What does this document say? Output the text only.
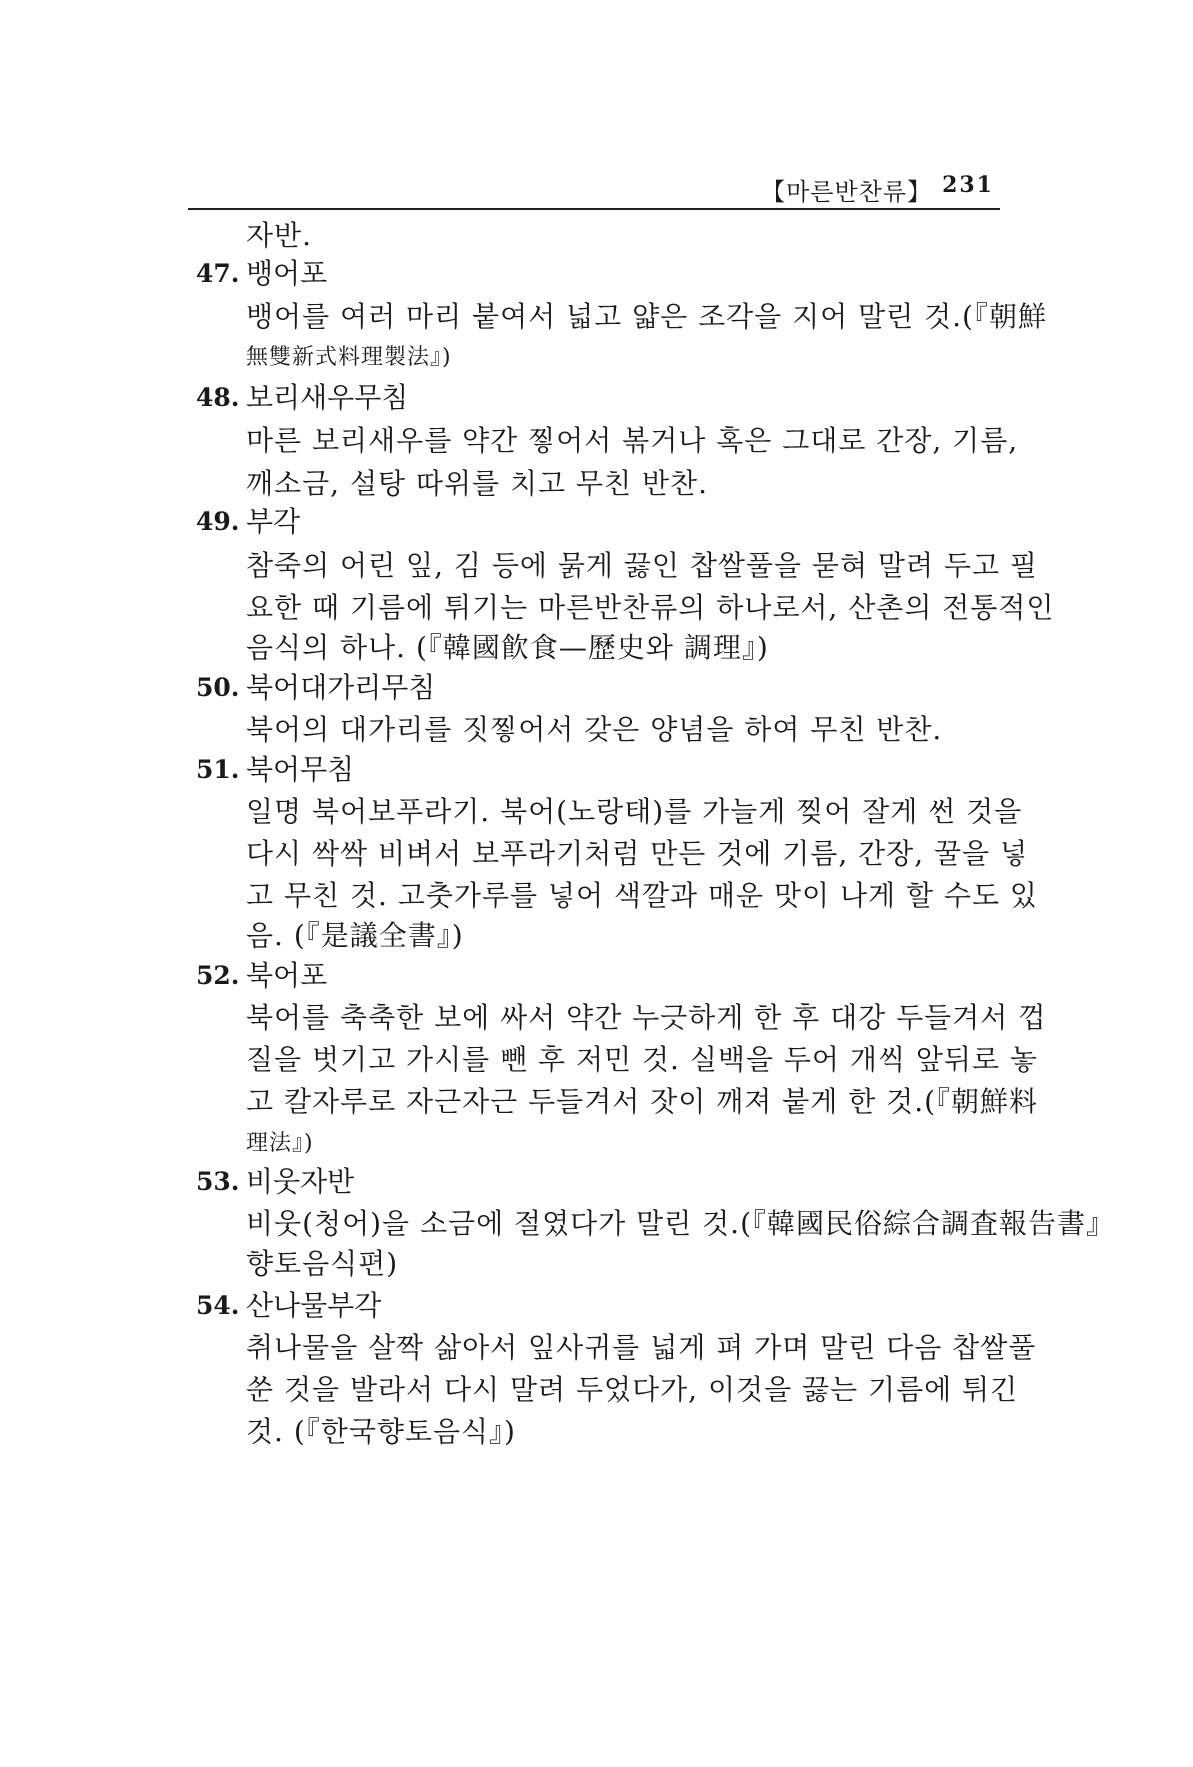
【마른반찬류】 231
자반.
47. 뱅어포
뱅어를 여러 마리 붙여서 넓고 얇은 조각을 지어 말린 것.(『朝鮮
無雙新式料理製法』)
48. 보리새우무침
마른 보리새우를 약간 찧어서 볶거나 혹은 그대로 간장, 기름,
깨소금, 설탕 따위를 치고 무친 반찬.
49. 부각
참죽의 어린 잎, 김 등에 묽게 끓인 찹쌀풀을 묻혀 말려 두고 필
요한 때 기름에 튀기는 마른반찬류의 하나로서, 산촌의 전통적인
음식의 하나. (『韓國飮食—歷史와 調理』)
50. 북어대가리무침
북어의 대가리를 짓찧어서 갖은 양념을 하여 무친 반찬.
51. 북어무침
일명 북어보푸라기. 북어(노랑태)를 가늘게 찢어 잘게 썬 것을
다시 싹싹 비벼서 보푸라기처럼 만든 것에 기름, 간장, 꿀을 넣
고 무친 것. 고춧가루를 넣어 색깔과 매운 맛이 나게 할 수도 있
음. (『是議全書』)
52. 북어포
북어를 축축한 보에 싸서 약간 누긋하게 한 후 대강 두들겨서 껍
질을 벗기고 가시를 뺀 후 저민 것. 실백을 두어 개씩 앞뒤로 놓
고 칼자루로 자근자근 두들겨서 잣이 깨져 붙게 한 것.(『朝鮮料
理法』)
53. 비웃자반
비웃(청어)을 소금에 절였다가 말린 것.(『韓國民俗綜合調査報告書』
향토음식편)
54. 산나물부각
취나물을 살짝 삶아서 잎사귀를 넓게 펴 가며 말린 다음 찹쌀풀
쑨 것을 발라서 다시 말려 두었다가, 이것을 끓는 기름에 튀긴
것. (『한국향토음식』)
